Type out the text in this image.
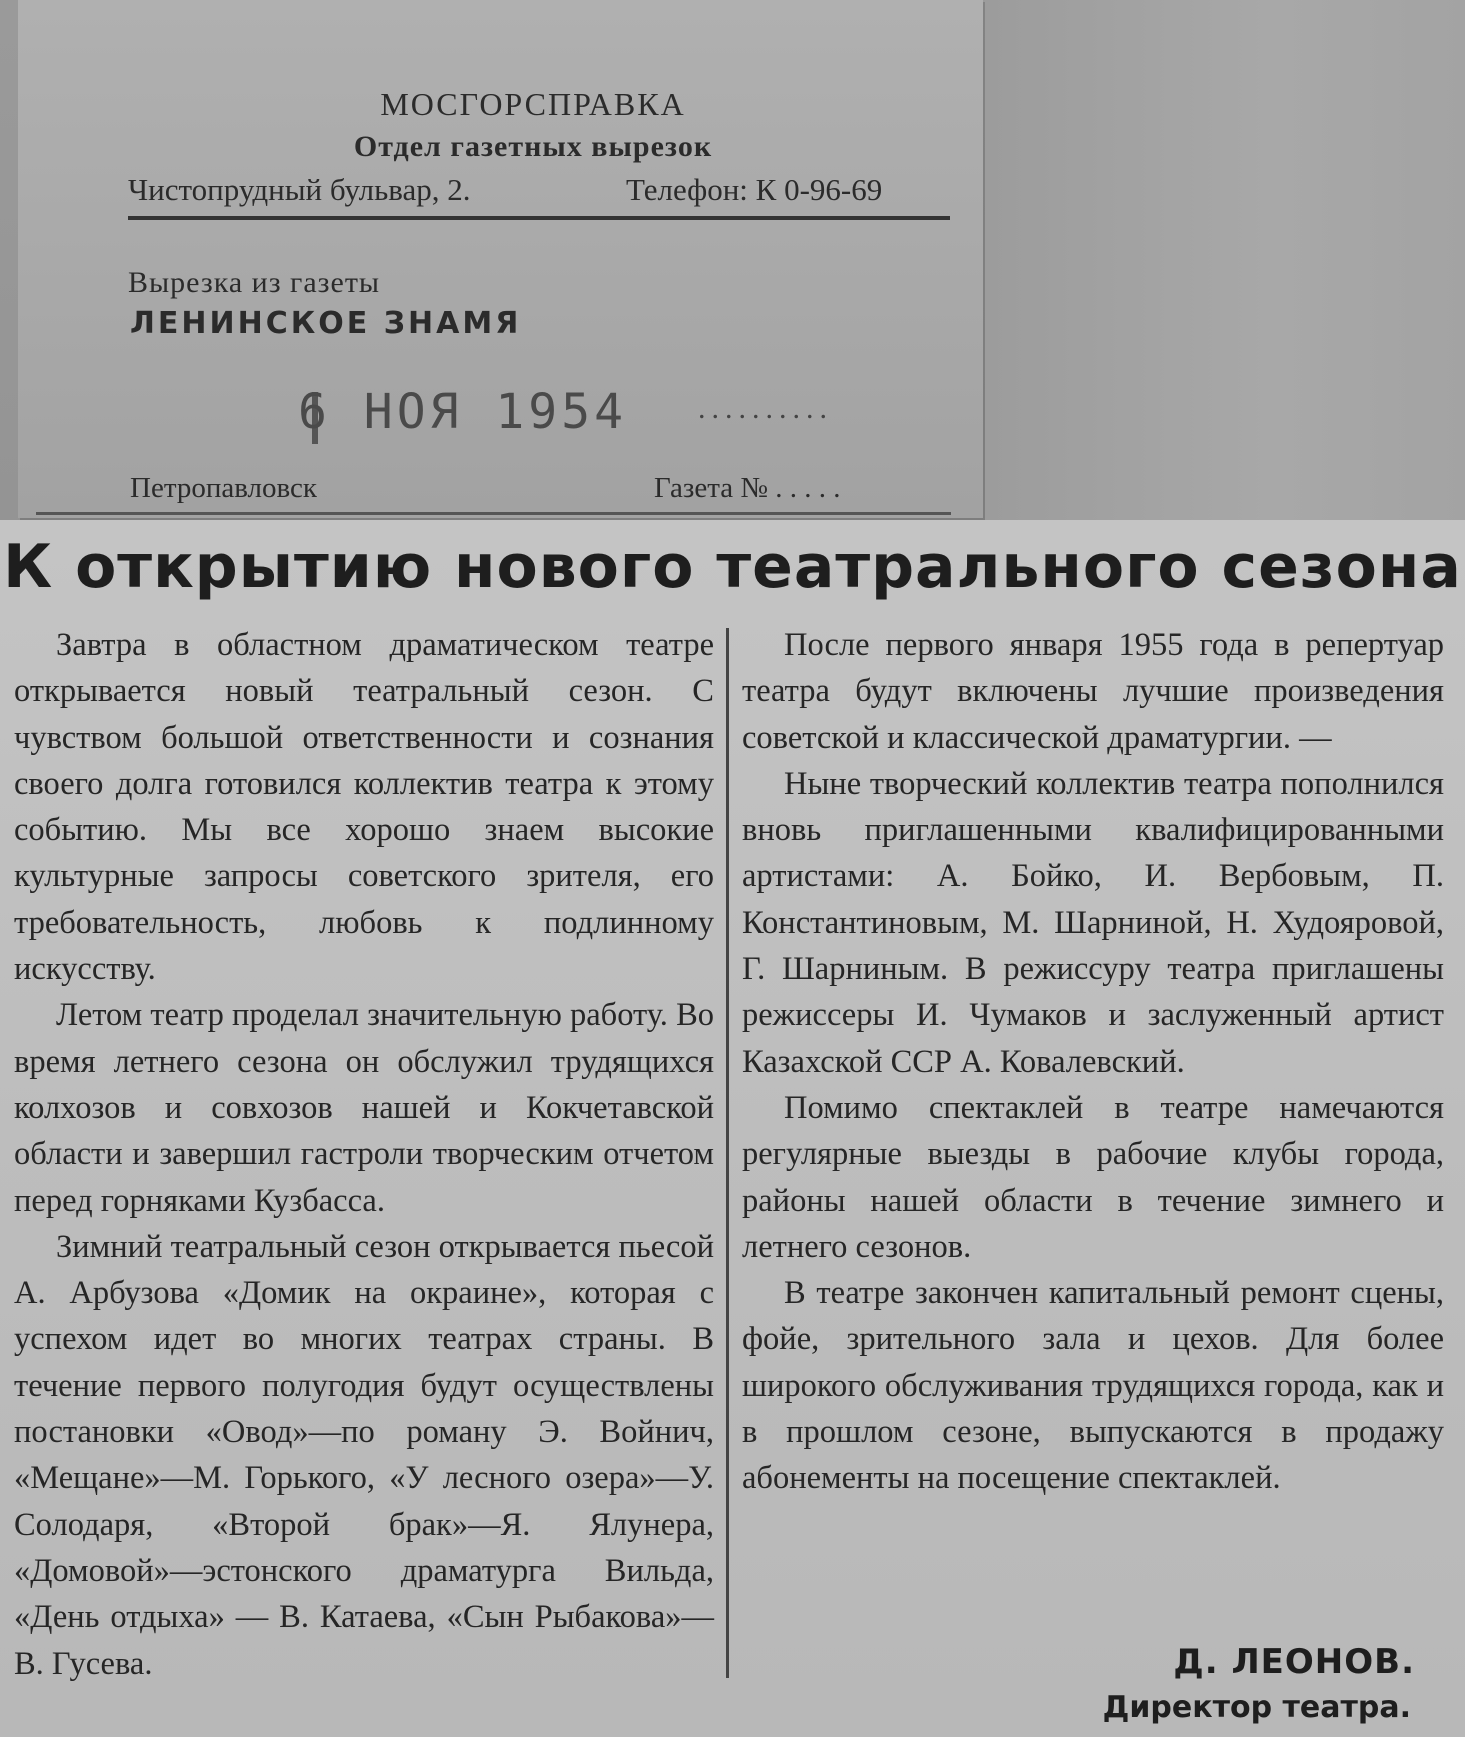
МОСГОРСПРАВКА
Отдел газетных вырезок
Чистопрудный бульвар, 2.	Телефон: К 0-96-69
Вырезка из газеты
ЛЕНИНСКОЕ ЗНАМЯ
6 НОЯ 1954 ..........
Петропавловск	Газета № . . . . .
К открытию нового театрального сезона

Завтра в областном драматическом театре открывается новый театральный сезон. С чувством большой ответственности и сознания своего долга готовился коллектив театра к этому событию. Мы все хорошо знаем высокие культурные запросы советского зрителя, его требовательность, любовь к подлинному искусству.

Летом театр проделал значительную работу. Во время летнего сезона он обслужил трудящихся колхозов и совхозов нашей и Кокчетавской области и завершил гастроли творческим отчетом перед горняками Кузбасса.

Зимний театральный сезон открывается пьесой А. Арбузова «Домик на окраине», которая с успехом идет во многих театрах страны. В течение первого полугодия будут осуществлены постановки «Овод»—по роману Э. Войнич, «Мещане»—М. Горького, «У лесного озера»—У. Солодаря, «Второй брак»—Я. Ялунера, «Домовой»—эстонского драматурга Вильда, «День отдыха» — В. Катаева, «Сын Рыбакова»—В. Гусева.

После первого января 1955 года в репертуар театра будут включены лучшие произведения советской и классической драматургии. —

Ныне творческий коллектив театра пополнился вновь приглашенными квалифицированными артистами: А. Бойко, И. Вербовым, П. Константиновым, М. Шарниной, Н. Худояровой, Г. Шарниным. В режиссуру театра приглашены режиссеры И. Чумаков и заслуженный артист Казахской ССР А. Ковалевский.

Помимо спектаклей в театре намечаются регулярные выезды в рабочие клубы города, районы нашей области в течение зимнего и летнего сезонов.

В театре закончен капитальный ремонт сцены, фойе, зрительного зала и цехов. Для более широкого обслуживания трудящихся города, как и в прошлом сезоне, выпускаются в продажу абонементы на посещение спектаклей.

Д. ЛЕОНОВ.
Директор театра.
